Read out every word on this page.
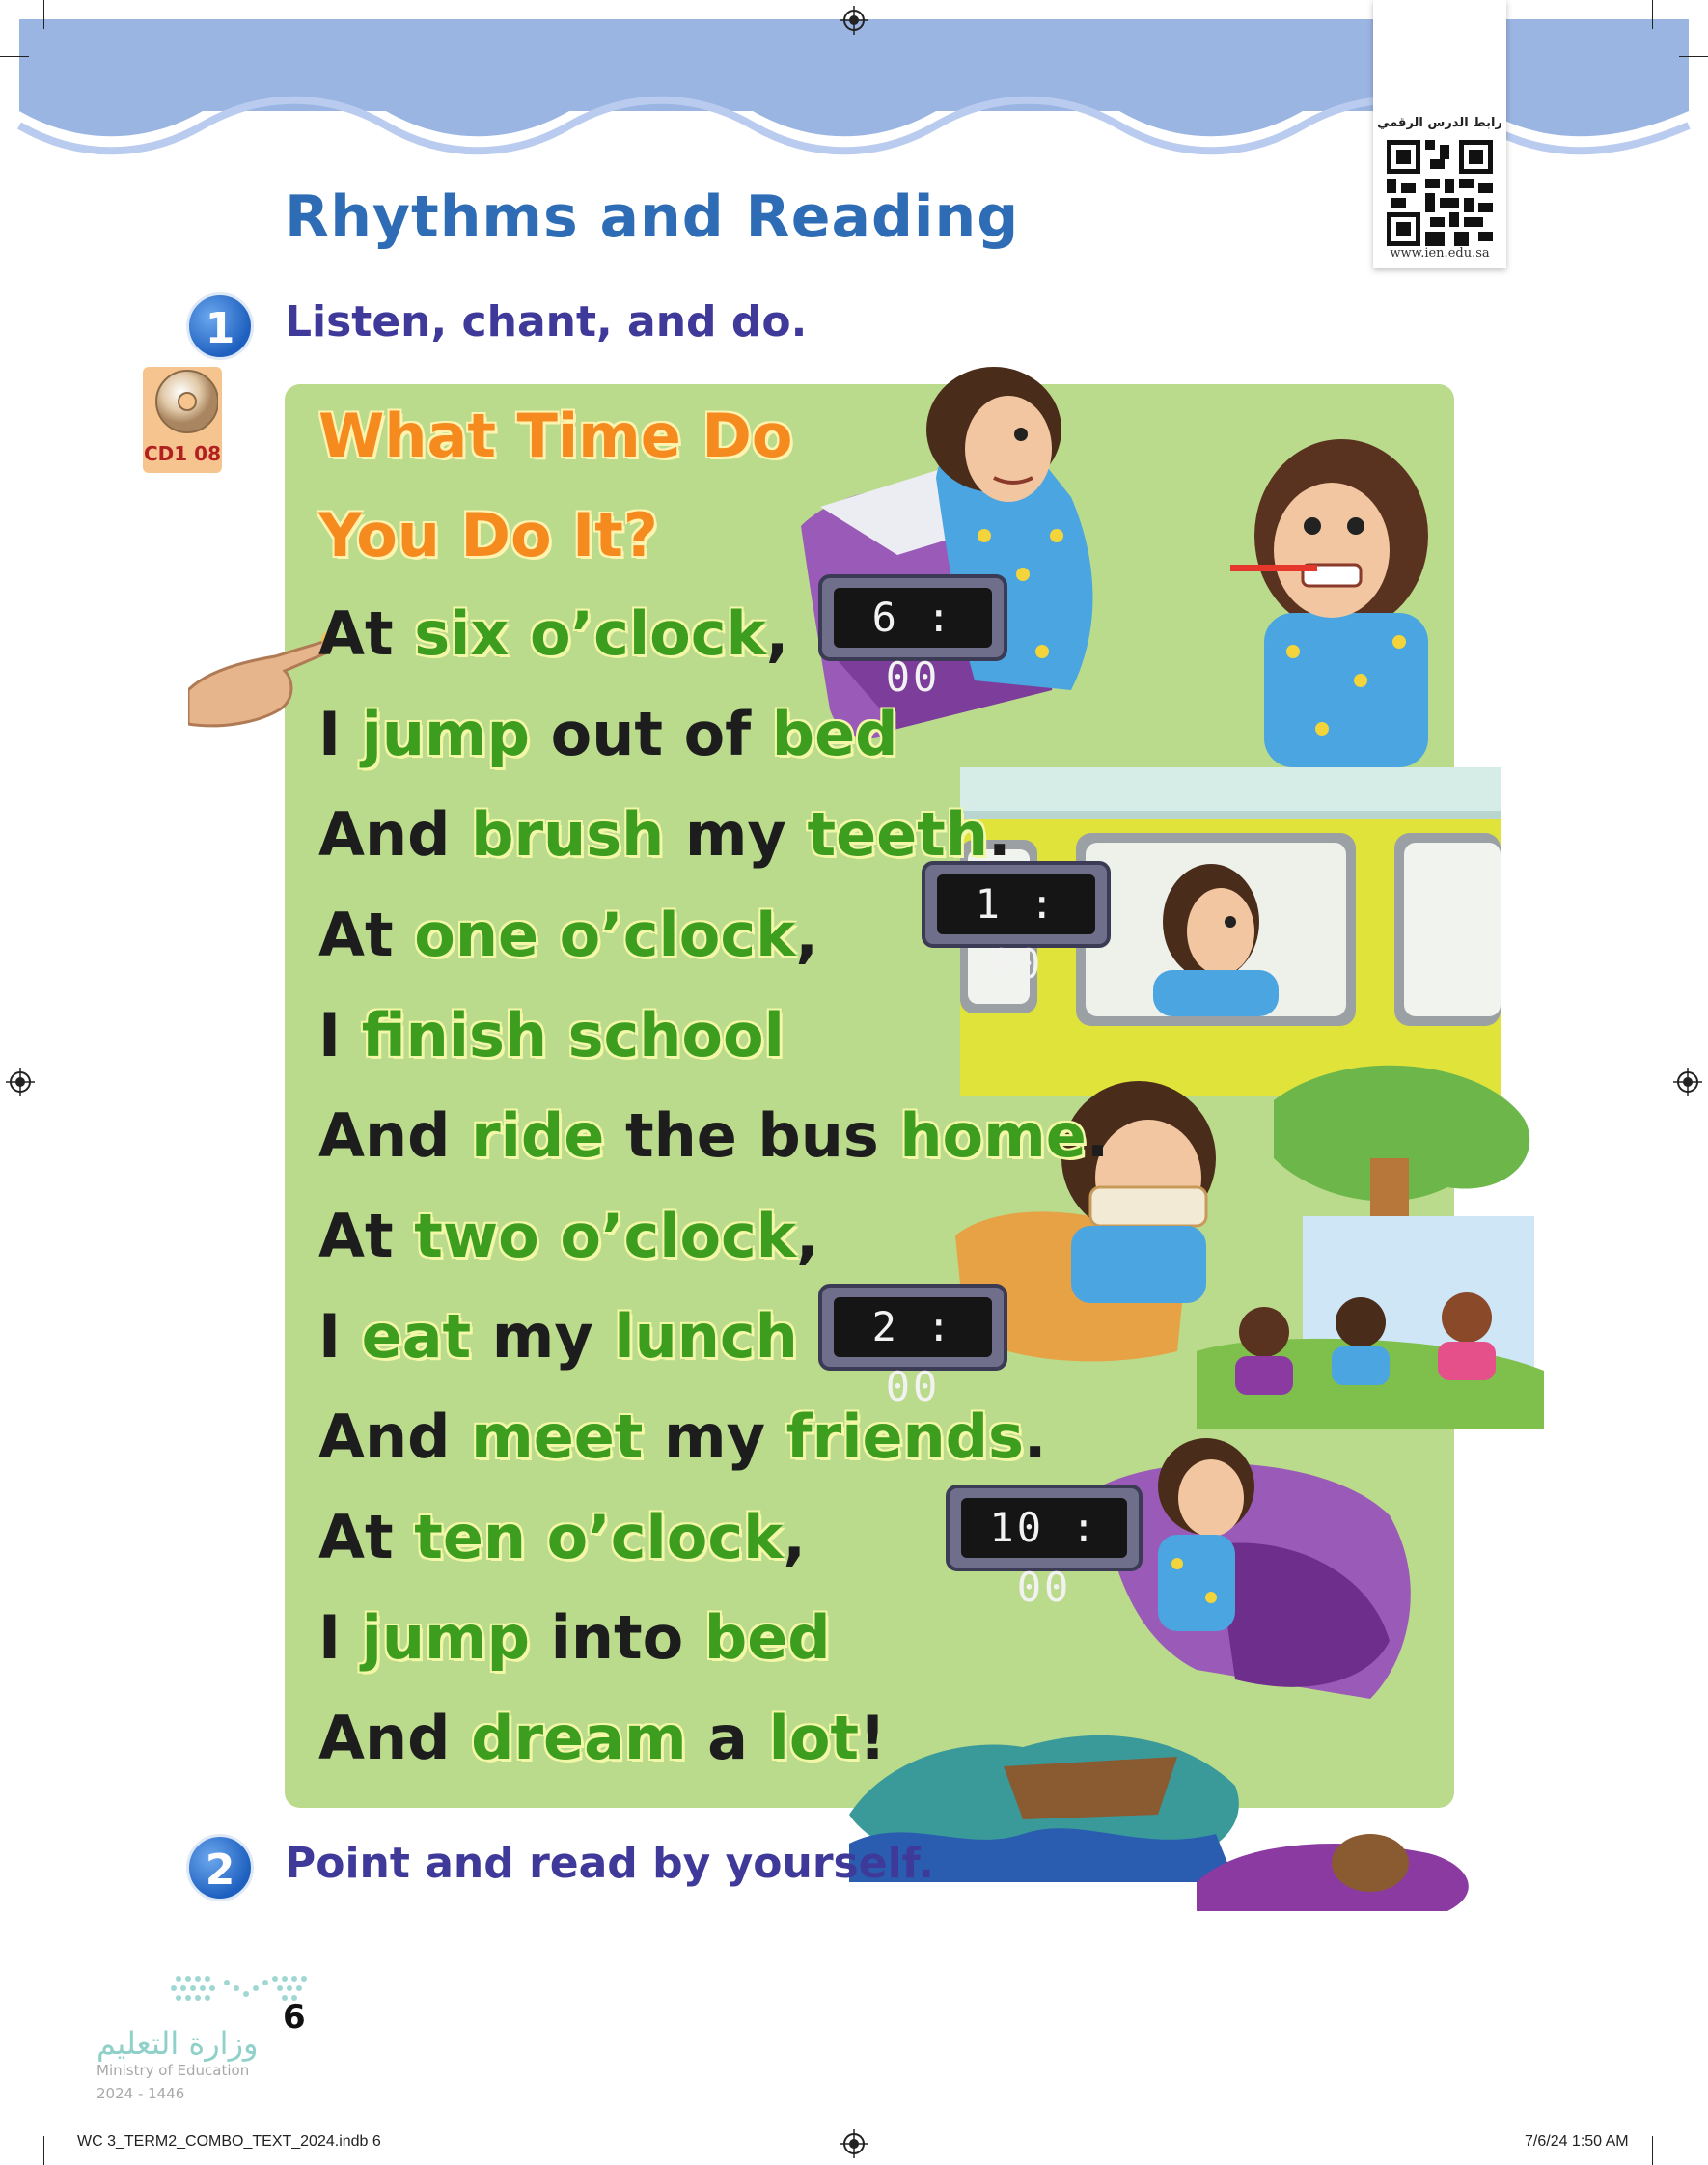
رابط الدرس الرقمي
www.ien.edu.sa
Rhythms and Reading
1	Listen, chant, and do.
CD1 08
6 : 00
1 : 00
2 : 00
10 : 00
What Time Do
You Do It?
At six o’clock,
I jump out of bed
And brush my teeth.
At one o’clock,
I finish school
And ride the bus home.
At two o’clock,
I eat my lunch
And meet my friends.
At ten o’clock,
I jump into bed
And dream a lot!
2	Point and read by yourself.
6
وزارة التعليم
Ministry of Education
2024 - 1446
WC 3_TERM2_COMBO_TEXT_2024.indb 6	7/6/24 1:50 AM
